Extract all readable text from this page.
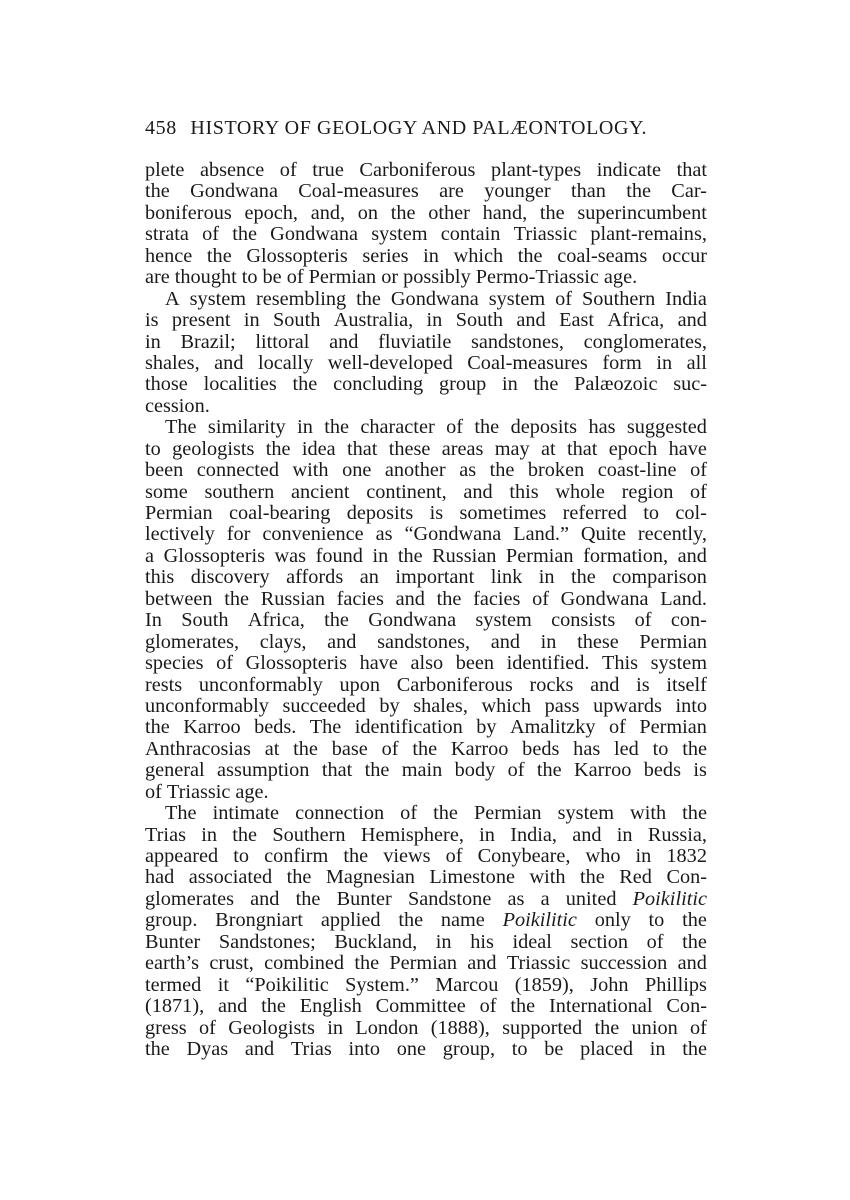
458 HISTORY OF GEOLOGY AND PALÆONTOLOGY.
plete absence of true Carboniferous plant-types indicate that
the Gondwana Coal-measures are younger than the Car-
boniferous epoch, and, on the other hand, the superincumbent
strata of the Gondwana system contain Triassic plant-remains,
hence the Glossopteris series in which the coal-seams occur
are thought to be of Permian or possibly Permo-Triassic age.
A system resembling the Gondwana system of Southern India
is present in South Australia, in South and East Africa, and
in Brazil; littoral and fluviatile sandstones, conglomerates,
shales, and locally well-developed Coal-measures form in all
those localities the concluding group in the Palæozoic suc-
cession.
The similarity in the character of the deposits has suggested
to geologists the idea that these areas may at that epoch have
been connected with one another as the broken coast-line of
some southern ancient continent, and this whole region of
Permian coal-bearing deposits is sometimes referred to col-
lectively for convenience as “Gondwana Land.” Quite recently,
a Glossopteris was found in the Russian Permian formation, and
this discovery affords an important link in the comparison
between the Russian facies and the facies of Gondwana Land.
In South Africa, the Gondwana system consists of con-
glomerates, clays, and sandstones, and in these Permian
species of Glossopteris have also been identified. This system
rests unconformably upon Carboniferous rocks and is itself
unconformably succeeded by shales, which pass upwards into
the Karroo beds. The identification by Amalitzky of Permian
Anthracosias at the base of the Karroo beds has led to the
general assumption that the main body of the Karroo beds is
of Triassic age.
The intimate connection of the Permian system with the
Trias in the Southern Hemisphere, in India, and in Russia,
appeared to confirm the views of Conybeare, who in 1832
had associated the Magnesian Limestone with the Red Con-
glomerates and the Bunter Sandstone as a united Poikilitic
group. Brongniart applied the name Poikilitic only to the
Bunter Sandstones; Buckland, in his ideal section of the
earth’s crust, combined the Permian and Triassic succession and
termed it “Poikilitic System.” Marcou (1859), John Phillips
(1871), and the English Committee of the International Con-
gress of Geologists in London (1888), supported the union of
the Dyas and Trias into one group, to be placed in the
